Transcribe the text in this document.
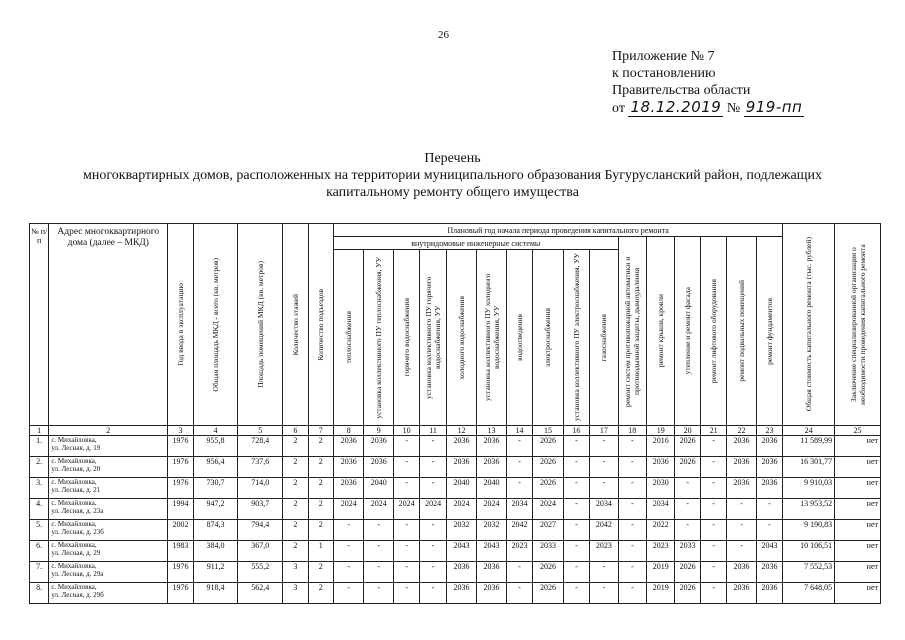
26
Приложение № 7
к постановлению
Правительства области
от 18.12.2019 № 919-пп
Перечень
многоквартирных домов, расположенных на территории муниципального образования Бугурусланский район, подлежащих
капитальному ремонту общего имущества
№ п/п	Адрес многоквартирного дома (далее – МКД)	Год ввода в эксплуатацию	Общая площадь МКД - всего (кв. метров)	Площадь помещений МКД (кв. метров)	Количество этажей	Количество подъездов	Плановый год начала периода проведения капитального ремонта																Общая стоимость капитального ремонта (тыс. рублей)	Заключение специализированной организации о необходимости проведения капитального ремонта

							внутридомовые инженерные системы										ремонт систем противопожарной автоматики и противодымной защиты, дымоудаления	ремонт крыши, кровли	утепление и ремонт фасада	ремонт лифтового оборудования	ремонт подвальных помещений	ремонт фундаментов		

							теплоснабжения	установка коллективного ПУ теплоснабжения, УУ	горячего водоснабжения	установка коллективного ПУ горячего водоснабжения, УУ	холодного водоснабжения	установка коллективного ПУ холодного водоснабжения, УУ	водоотведения	электроснабжения	установка коллективного ПУ электроснабжения, УУ	газоснабжения								

1	2	3	4	5	6	7	8	9	10	11	12	13	14	15	16	17	18	19	20	21	22	23	24	25
1.	с. Михайловка,
ул. Лесная, д. 19	1976	955,8	728,4	2	2	2036	2036	-	-	2036	2036	-	2026	-	-	-	2016	2026	-	2036	2036	11 589,99	нет
2.	с. Михайловка,
ул. Лесная, д. 20	1976	956,4	737,6	2	2	2036	2036	-	-	2036	2036	-	2026	-	-	-	2036	2026	-	2036	2036	16 301,77	нет
3.	с. Михайловка,
ул. Лесная, д. 21	1976	730,7	714,0	2	2	2036	2040	-	-	2040	2040	-	2026	-	-	-	2030	-	-	2036	2036	9 910,03	нет
4.	с. Михайловка,
ул. Лесная, д. 23а	1994	947,2	903,7	2	2	2024	2024	2024	2024	2024	2024	2034	2024	-	2034	-	2034	-	-	-	-	13 953,52	нет
5.	с. Михайловка,
ул. Лесная, д. 23б	2002	874,3	794,4	2	2	-	-	-	-	2032	2032	2042	2027	-	2042	-	2022	-	-	-	-	9 190,83	нет
6.	с. Михайловка,
ул. Лесная, д. 29	1983	384,0	367,0	2	1	-	-	-	-	2043	2043	2023	2033	-	2023	-	2023	2033	-	-	2043	10 106,51	нет
7.	с. Михайловка,
ул. Лесная, д. 29а	1976	911,2	555,2	3	2	-	-	-	-	2036	2036	-	2026	-	-	-	2019	2026	-	2036	2036	7 552,53	нет
8.	с. Михайловка,
ул. Лесная, д. 29б	1976	918,4	562,4	3	2	-	-	-	-	2036	2036	-	2026	-	-	-	2019	2026	-	2036	2036	7 648,05	нет
